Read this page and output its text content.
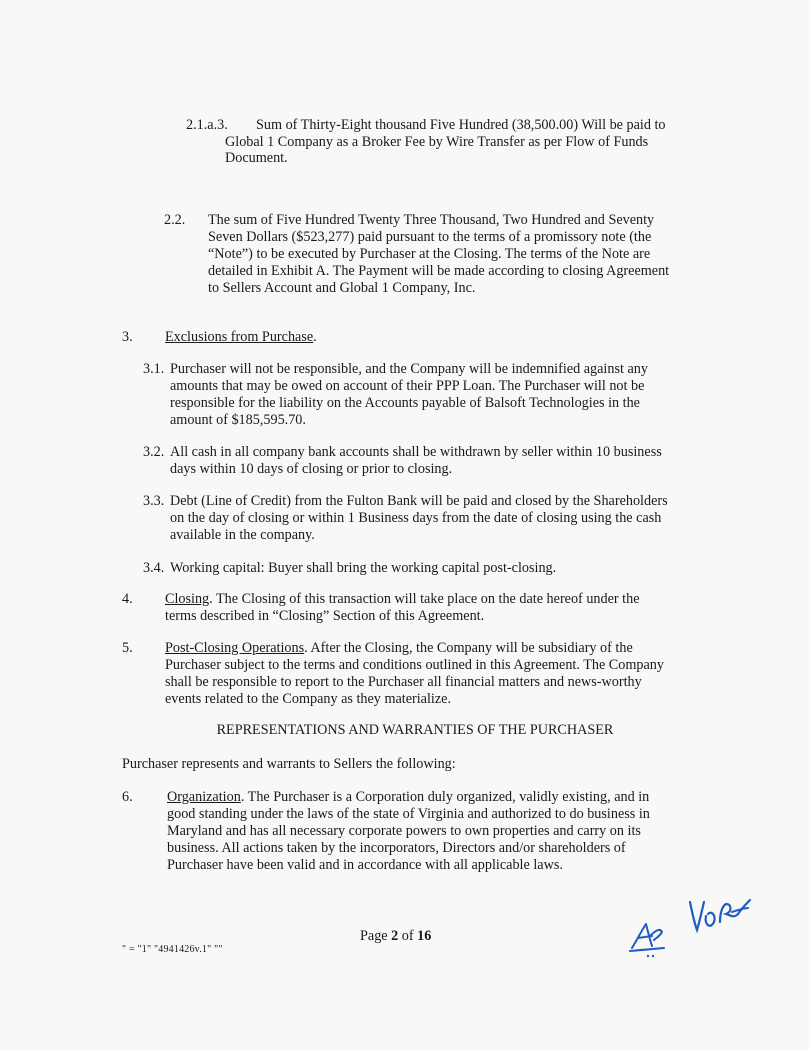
2.1.a.3. Sum of Thirty-Eight thousand Five Hundred (38,500.00) Will be paid to
Global 1 Company as a Broker Fee by Wire Transfer as per Flow of Funds
Document.
2.2. The sum of Five Hundred Twenty Three Thousand, Two Hundred and Seventy
Seven Dollars ($523,277) paid pursuant to the terms of a promissory note (the
“Note”) to be executed by Purchaser at the Closing. The terms of the Note are
detailed in Exhibit A. The Payment will be made according to closing Agreement
to Sellers Account and Global 1 Company, Inc.
3. Exclusions from Purchase.
3.1. Purchaser will not be responsible, and the Company will be indemnified against any
amounts that may be owed on account of their PPP Loan. The Purchaser will not be
responsible for the liability on the Accounts payable of Balsoft Technologies in the
amount of $185,595.70.
3.2. All cash in all company bank accounts shall be withdrawn by seller within 10 business
days within 10 days of closing or prior to closing.
3.3. Debt (Line of Credit) from the Fulton Bank will be paid and closed by the Shareholders
on the day of closing or within 1 Business days from the date of closing using the cash
available in the company.
3.4. Working capital: Buyer shall bring the working capital post-closing.
4. Closing. The Closing of this transaction will take place on the date hereof under the
terms described in “Closing” Section of this Agreement.
5. Post-Closing Operations. After the Closing, the Company will be subsidiary of the
Purchaser subject to the terms and conditions outlined in this Agreement. The Company
shall be responsible to report to the Purchaser all financial matters and news-worthy
events related to the Company as they materialize.
REPRESENTATIONS AND WARRANTIES OF THE PURCHASER
Purchaser represents and warrants to Sellers the following:
6. Organization. The Purchaser is a Corporation duly organized, validly existing, and in
good standing under the laws of the state of Virginia and authorized to do business in
Maryland and has all necessary corporate powers to own properties and carry on its
business. All actions taken by the incorporators, Directors and/or shareholders of
Purchaser have been valid and in accordance with all applicable laws.
Page 2 of 16
" = "1" "4941426v.1" ""
